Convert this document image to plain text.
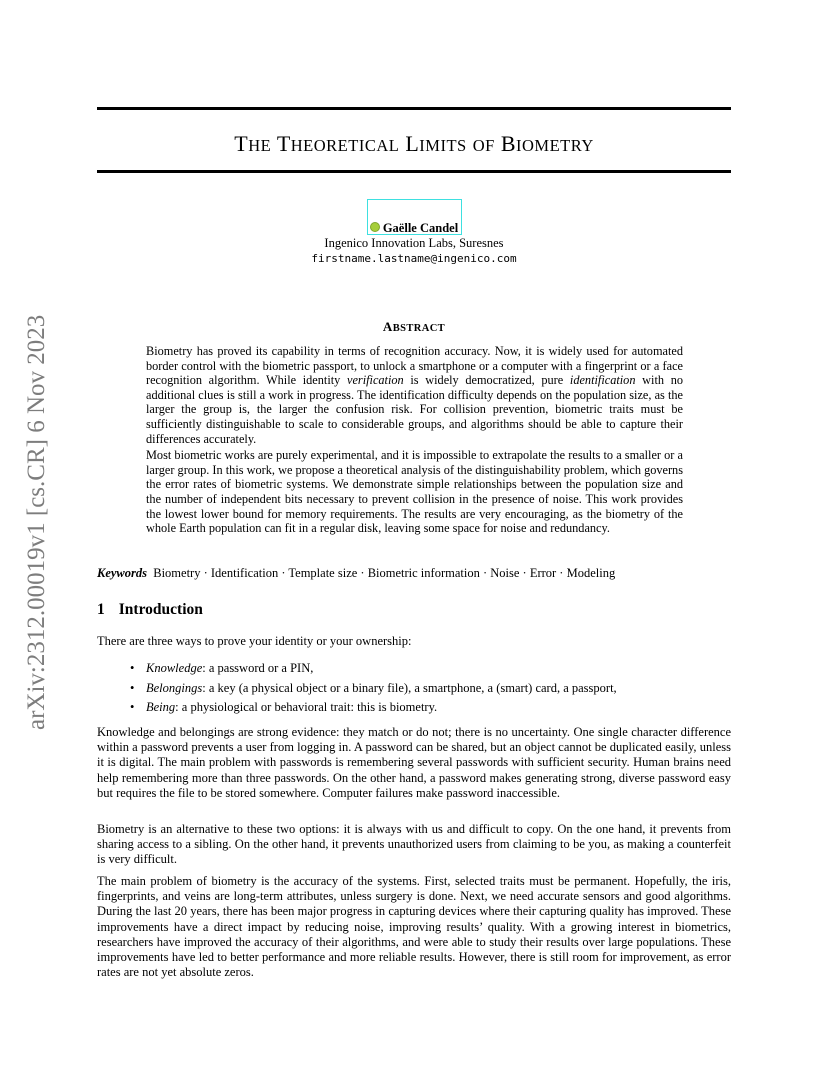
arXiv:2312.00019v1 [cs.CR] 6 Nov 2023
THE THEORETICAL LIMITS OF BIOMETRY
Gaëlle Candel
Ingenico Innovation Labs, Suresnes
firstname.lastname@ingenico.com
ABSTRACT

Biometry has proved its capability in terms of recognition accuracy. Now, it is widely used for automated border control with the biometric passport, to unlock a smartphone or a computer with a fingerprint or a face recognition algorithm. While identity verification is widely democratized, pure identification with no additional clues is still a work in progress. The identification difficulty depends on the population size, as the larger the group is, the larger the confusion risk. For collision prevention, biometric traits must be sufficiently distinguishable to scale to considerable groups, and algorithms should be able to capture their differences accurately.

Most biometric works are purely experimental, and it is impossible to extrapolate the results to a smaller or a larger group. In this work, we propose a theoretical analysis of the distinguishability problem, which governs the error rates of biometric systems. We demonstrate simple relationships between the population size and the number of independent bits necessary to prevent collision in the presence of noise. This work provides the lowest lower bound for memory requirements. The results are very encouraging, as the biometry of the whole Earth population can fit in a regular disk, leaving some space for noise and redundancy.

Keywords Biometry · Identification · Template size · Biometric information · Noise · Error · Modeling
1 Introduction

There are three ways to prove your identity or your ownership:

• Knowledge: a password or a PIN,
• Belongings: a key (a physical object or a binary file), a smartphone, a (smart) card, a passport,
• Being: a physiological or behavioral trait: this is biometry.

Knowledge and belongings are strong evidence: they match or do not; there is no uncertainty. One single character difference within a password prevents a user from logging in. A password can be shared, but an object cannot be duplicated easily, unless it is digital. The main problem with passwords is remembering several passwords with sufficient security. Human brains need help remembering more than three passwords. On the other hand, a password makes generating strong, diverse password easy but requires the file to be stored somewhere. Computer failures make password inaccessible.

Biometry is an alternative to these two options: it is always with us and difficult to copy. On the one hand, it prevents from sharing access to a sibling. On the other hand, it prevents unauthorized users from claiming to be you, as making a counterfeit is very difficult.

The main problem of biometry is the accuracy of the systems. First, selected traits must be permanent. Hopefully, the iris, fingerprints, and veins are long-term attributes, unless surgery is done. Next, we need accurate sensors and good algorithms. During the last 20 years, there has been major progress in capturing devices where their capturing quality has improved. These improvements have a direct impact by reducing noise, improving results’ quality. With a growing interest in biometrics, researchers have improved the accuracy of their algorithms, and were able to study their results over large populations. These improvements have led to better performance and more reliable results. However, there is still room for improvement, as error rates are not yet absolute zeros.
